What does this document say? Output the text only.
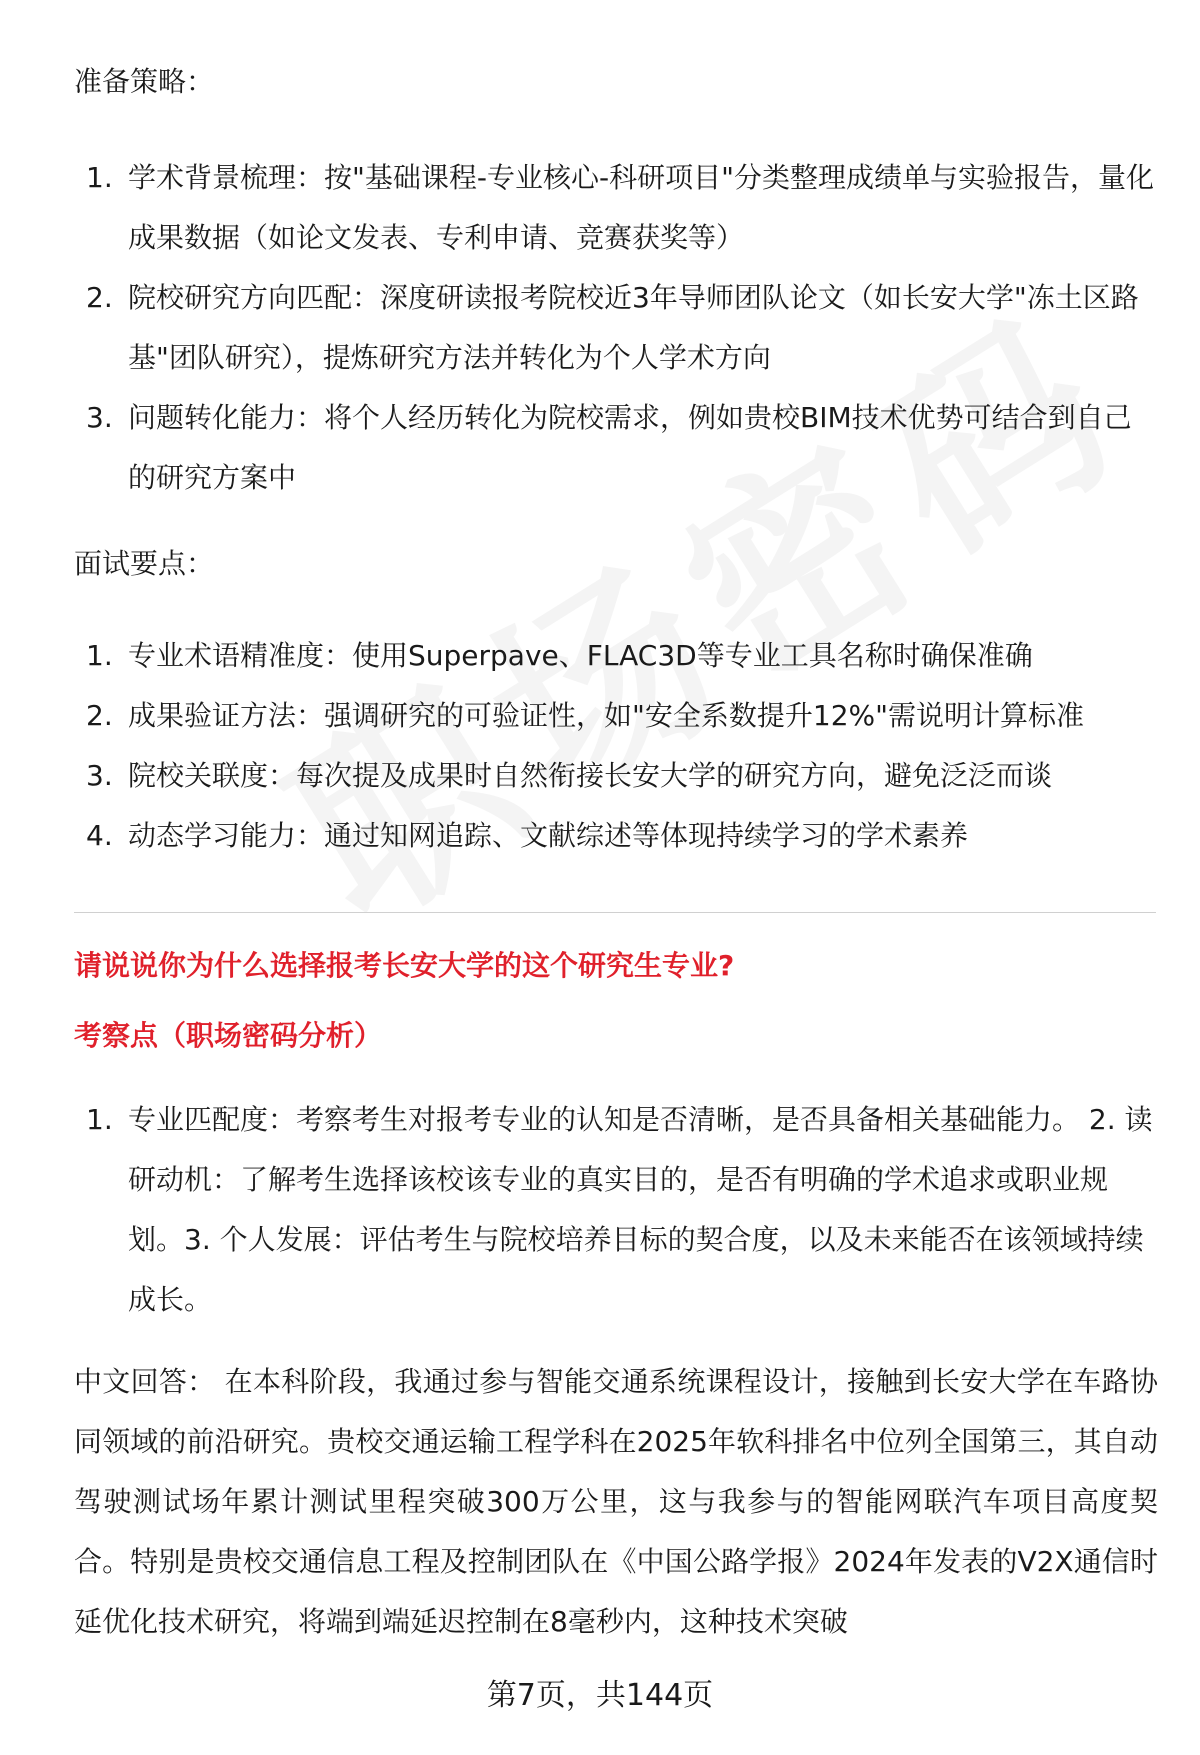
准备策略：
1. 学术背景梳理：按"基础课程-专业核心-科研项目"分类整理成绩单与实验报告，量化成果数据（如论文发表、专利申请、竞赛获奖等）
2. 院校研究方向匹配：深度研读报考院校近3年导师团队论文（如长安大学"冻土区路基"团队研究），提炼研究方法并转化为个人学术方向
3. 问题转化能力：将个人经历转化为院校需求，例如贵校BIM技术优势可结合到自己的研究方案中
面试要点：
1. 专业术语精准度：使用Superpave、FLAC3D等专业工具名称时确保准确
2. 成果验证方法：强调研究的可验证性，如"安全系数提升12%"需说明计算标准
3. 院校关联度：每次提及成果时自然衔接长安大学的研究方向，避免泛泛而谈
4. 动态学习能力：通过知网追踪、文献综述等体现持续学习的学术素养
请说说你为什么选择报考长安大学的这个研究生专业?
考察点（职场密码分析）
1. 专业匹配度：考察考生对报考专业的认知是否清晰，是否具备相关基础能力。 2. 读研动机：了解考生选择该校该专业的真实目的，是否有明确的学术追求或职业规划。3. 个人发展：评估考生与院校培养目标的契合度，以及未来能否在该领域持续成长。
中文回答： 在本科阶段，我通过参与智能交通系统课程设计，接触到长安大学在车路协同领域的前沿研究。贵校交通运输工程学科在2025年软科排名中位列全国第三，其自动驾驶测试场年累计测试里程突破300万公里，这与我参与的智能网联汽车项目高度契合。特别是贵校交通信息工程及控制团队在《中国公路学报》2024年发表的V2X通信时延优化技术研究，将端到端延迟控制在8毫秒内，这种技术突破
第7页，共144页
